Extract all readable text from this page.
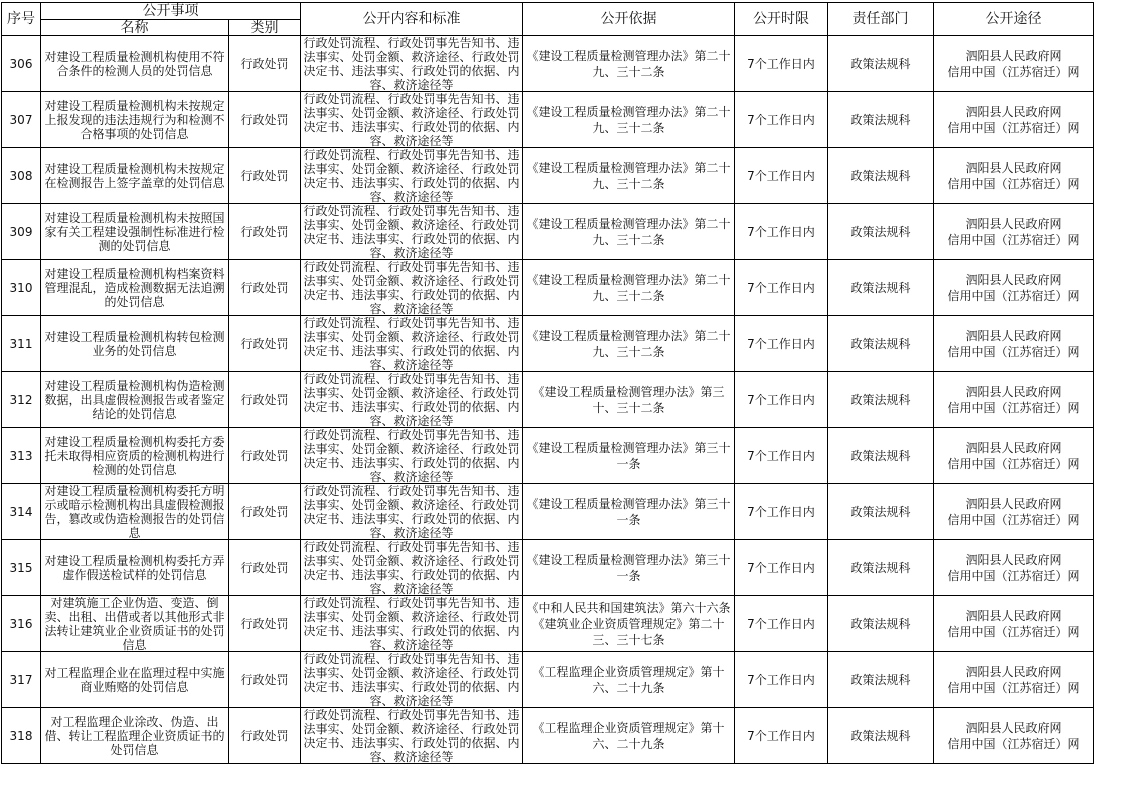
序号	公开事项		公开内容和标准	公开依据	公开时限	责任部门	公开途径
	名称	类别					

306	对建设工程质量检测机构使用不符合条件的检测人员的处罚信息	行政处罚	行政处罚流程、行政处罚事先告知书、违法事实、处罚金额、救济途径、行政处罚决定书、违法事实、行政处罚的依据、内容、救济途径等	《建设工程质量检测管理办法》第二十九、三十二条	7个工作日内	政策法规科	泗阳县人民政府网
信用中国（江苏宿迁）网

307	对建设工程质量检测机构未按规定上报发现的违法违规行为和检测不合格事项的处罚信息	行政处罚	行政处罚流程、行政处罚事先告知书、违法事实、处罚金额、救济途径、行政处罚决定书、违法事实、行政处罚的依据、内容、救济途径等	《建设工程质量检测管理办法》第二十九、三十二条	7个工作日内	政策法规科	泗阳县人民政府网
信用中国（江苏宿迁）网

308	对建设工程质量检测机构未按规定在检测报告上签字盖章的处罚信息	行政处罚	行政处罚流程、行政处罚事先告知书、违法事实、处罚金额、救济途径、行政处罚决定书、违法事实、行政处罚的依据、内容、救济途径等	《建设工程质量检测管理办法》第二十九、三十二条	7个工作日内	政策法规科	泗阳县人民政府网
信用中国（江苏宿迁）网

309	对建设工程质量检测机构未按照国家有关工程建设强制性标准进行检测的处罚信息	行政处罚	行政处罚流程、行政处罚事先告知书、违法事实、处罚金额、救济途径、行政处罚决定书、违法事实、行政处罚的依据、内容、救济途径等	《建设工程质量检测管理办法》第二十九、三十二条	7个工作日内	政策法规科	泗阳县人民政府网
信用中国（江苏宿迁）网

310	对建设工程质量检测机构档案资料管理混乱，造成检测数据无法追溯的处罚信息	行政处罚	行政处罚流程、行政处罚事先告知书、违法事实、处罚金额、救济途径、行政处罚决定书、违法事实、行政处罚的依据、内容、救济途径等	《建设工程质量检测管理办法》第二十九、三十二条	7个工作日内	政策法规科	泗阳县人民政府网
信用中国（江苏宿迁）网

311	对建设工程质量检测机构转包检测业务的处罚信息	行政处罚	行政处罚流程、行政处罚事先告知书、违法事实、处罚金额、救济途径、行政处罚决定书、违法事实、行政处罚的依据、内容、救济途径等	《建设工程质量检测管理办法》第二十九、三十二条	7个工作日内	政策法规科	泗阳县人民政府网
信用中国（江苏宿迁）网

312	对建设工程质量检测机构伪造检测数据，出具虚假检测报告或者鉴定结论的处罚信息	行政处罚	行政处罚流程、行政处罚事先告知书、违法事实、处罚金额、救济途径、行政处罚决定书、违法事实、行政处罚的依据、内容、救济途径等	《建设工程质量检测管理办法》第三十、三十二条	7个工作日内	政策法规科	泗阳县人民政府网
信用中国（江苏宿迁）网

313	对建设工程质量检测机构委托方委托未取得相应资质的检测机构进行检测的处罚信息	行政处罚	行政处罚流程、行政处罚事先告知书、违法事实、处罚金额、救济途径、行政处罚决定书、违法事实、行政处罚的依据、内容、救济途径等	《建设工程质量检测管理办法》第三十一条	7个工作日内	政策法规科	泗阳县人民政府网
信用中国（江苏宿迁）网

314	对建设工程质量检测机构委托方明示或暗示检测机构出具虚假检测报告，篡改或伪造检测报告的处罚信息	行政处罚	行政处罚流程、行政处罚事先告知书、违法事实、处罚金额、救济途径、行政处罚决定书、违法事实、行政处罚的依据、内容、救济途径等	《建设工程质量检测管理办法》第三十一条	7个工作日内	政策法规科	泗阳县人民政府网
信用中国（江苏宿迁）网

315	对建设工程质量检测机构委托方弄虚作假送检试样的处罚信息	行政处罚	行政处罚流程、行政处罚事先告知书、违法事实、处罚金额、救济途径、行政处罚决定书、违法事实、行政处罚的依据、内容、救济途径等	《建设工程质量检测管理办法》第三十一条	7个工作日内	政策法规科	泗阳县人民政府网
信用中国（江苏宿迁）网

316	对建筑施工企业伪造、变造、倒卖、出租、出借或者以其他形式非法转让建筑业企业资质证书的处罚信息	行政处罚	行政处罚流程、行政处罚事先告知书、违法事实、处罚金额、救济途径、行政处罚决定书、违法事实、行政处罚的依据、内容、救济途径等	《中和人民共和国建筑法》第六十六条
《建筑业企业资质管理规定》第二十三、三十七条	7个工作日内	政策法规科	泗阳县人民政府网
信用中国（江苏宿迁）网

317	对工程监理企业在监理过程中实施商业贿赂的处罚信息	行政处罚	行政处罚流程、行政处罚事先告知书、违法事实、处罚金额、救济途径、行政处罚决定书、违法事实、行政处罚的依据、内容、救济途径等	《工程监理企业资质管理规定》第十六、二十九条	7个工作日内	政策法规科	泗阳县人民政府网
信用中国（江苏宿迁）网

318	对工程监理企业涂改、伪造、出借、转让工程监理企业资质证书的处罚信息	行政处罚	行政处罚流程、行政处罚事先告知书、违法事实、处罚金额、救济途径、行政处罚决定书、违法事实、行政处罚的依据、内容、救济途径等	《工程监理企业资质管理规定》第十六、二十九条	7个工作日内	政策法规科	泗阳县人民政府网
信用中国（江苏宿迁）网
